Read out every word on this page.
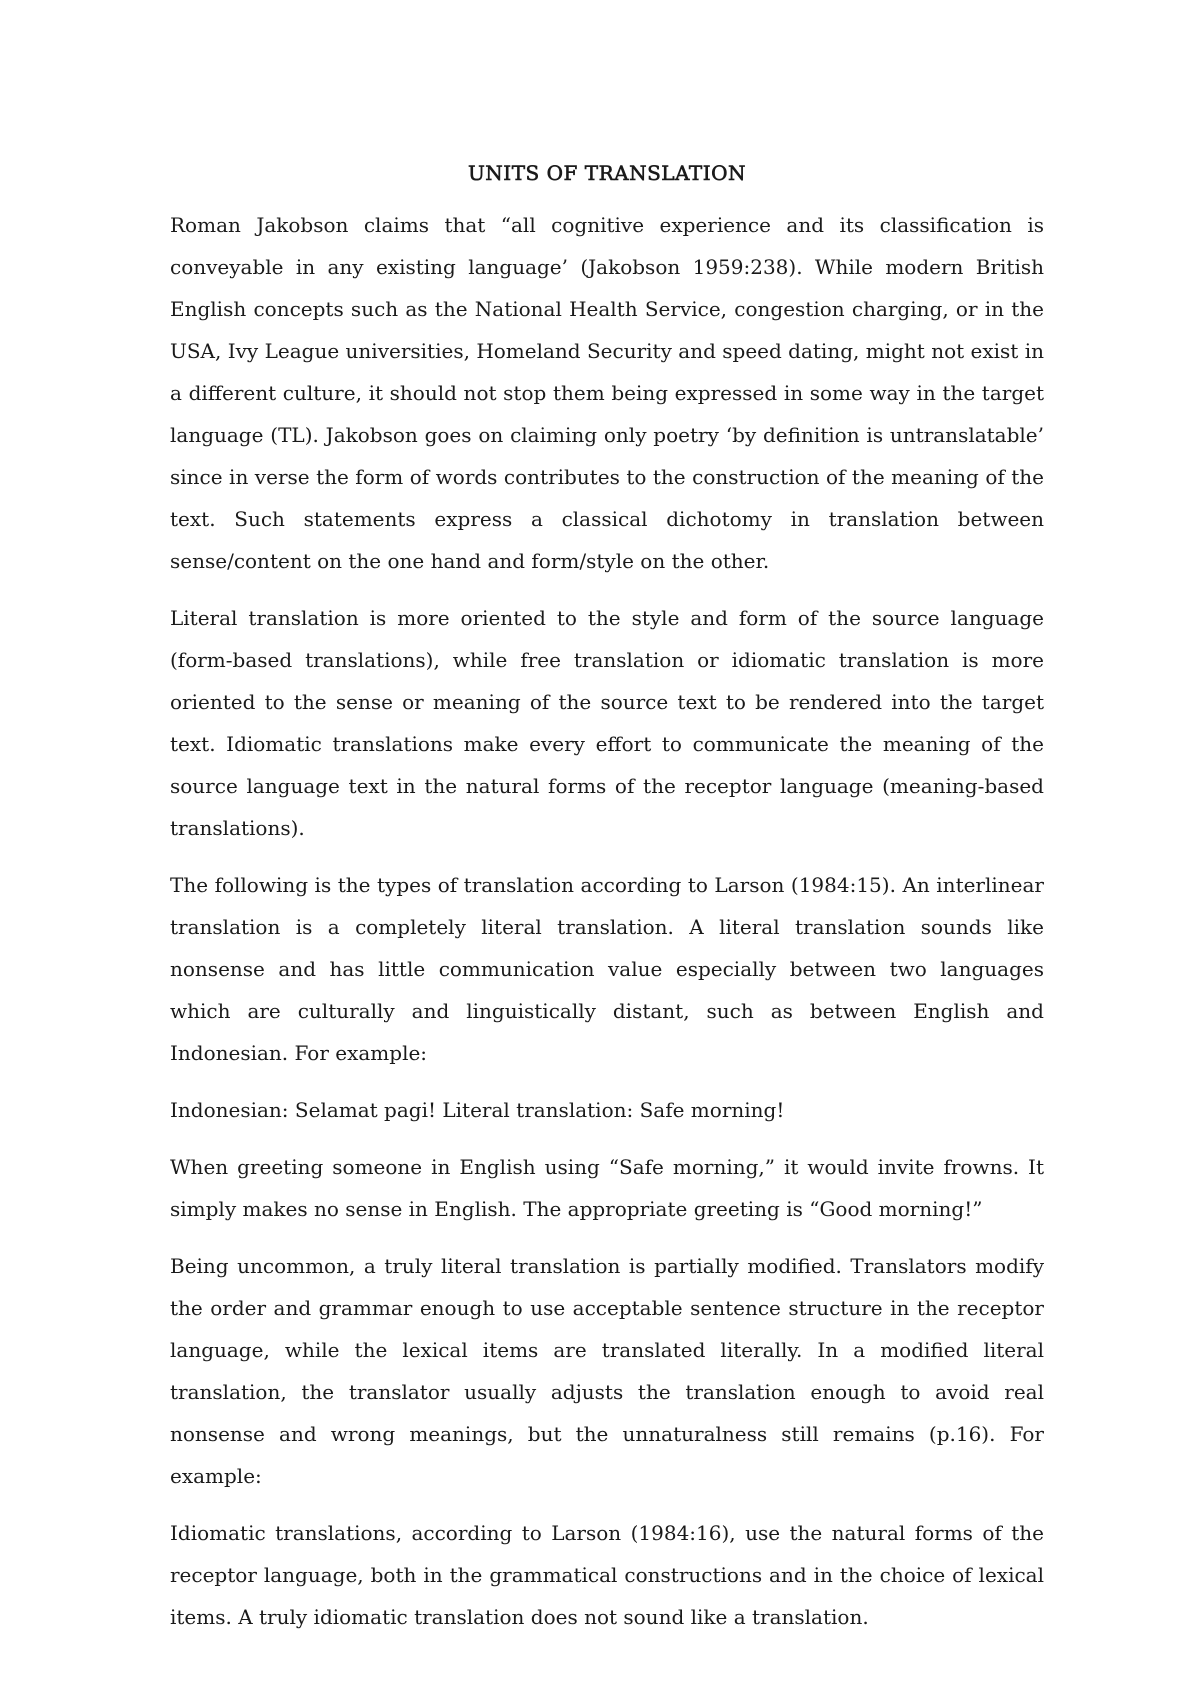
UNITS OF TRANSLATION

Roman Jakobson claims that “all cognitive experience and its classification is conveyable in any existing language’ (Jakobson 1959:238). While modern British English concepts such as the National Health Service, congestion charging, or in the USA, Ivy League universities, Homeland Security and speed dating, might not exist in a different culture, it should not stop them being expressed in some way in the target language (TL). Jakobson goes on claiming only poetry ‘by definition is untranslatable’ since in verse the form of words contributes to the construction of the meaning of the text. Such statements express a classical dichotomy in translation between sense/content on the one hand and form/style on the other.

Literal translation is more oriented to the style and form of the source language (form-based translations), while free translation or idiomatic translation is more oriented to the sense or meaning of the source text to be rendered into the target text. Idiomatic translations make every effort to communicate the meaning of the source language text in the natural forms of the receptor language (meaning-based translations).

The following is the types of translation according to Larson (1984:15). An interlinear translation is a completely literal translation. A literal translation sounds like nonsense and has little communication value especially between two languages which are culturally and linguistically distant, such as between English and Indonesian. For example:

Indonesian: Selamat pagi! Literal translation: Safe morning!

When greeting someone in English using “Safe morning,” it would invite frowns. It simply makes no sense in English. The appropriate greeting is “Good morning!”

Being uncommon, a truly literal translation is partially modified. Translators modify the order and grammar enough to use acceptable sentence structure in the receptor language, while the lexical items are translated literally. In a modified literal translation, the translator usually adjusts the translation enough to avoid real nonsense and wrong meanings, but the unnaturalness still remains (p.16). For example:

Idiomatic translations, according to Larson (1984:16), use the natural forms of the receptor language, both in the grammatical constructions and in the choice of lexical items. A truly idiomatic translation does not sound like a translation.
